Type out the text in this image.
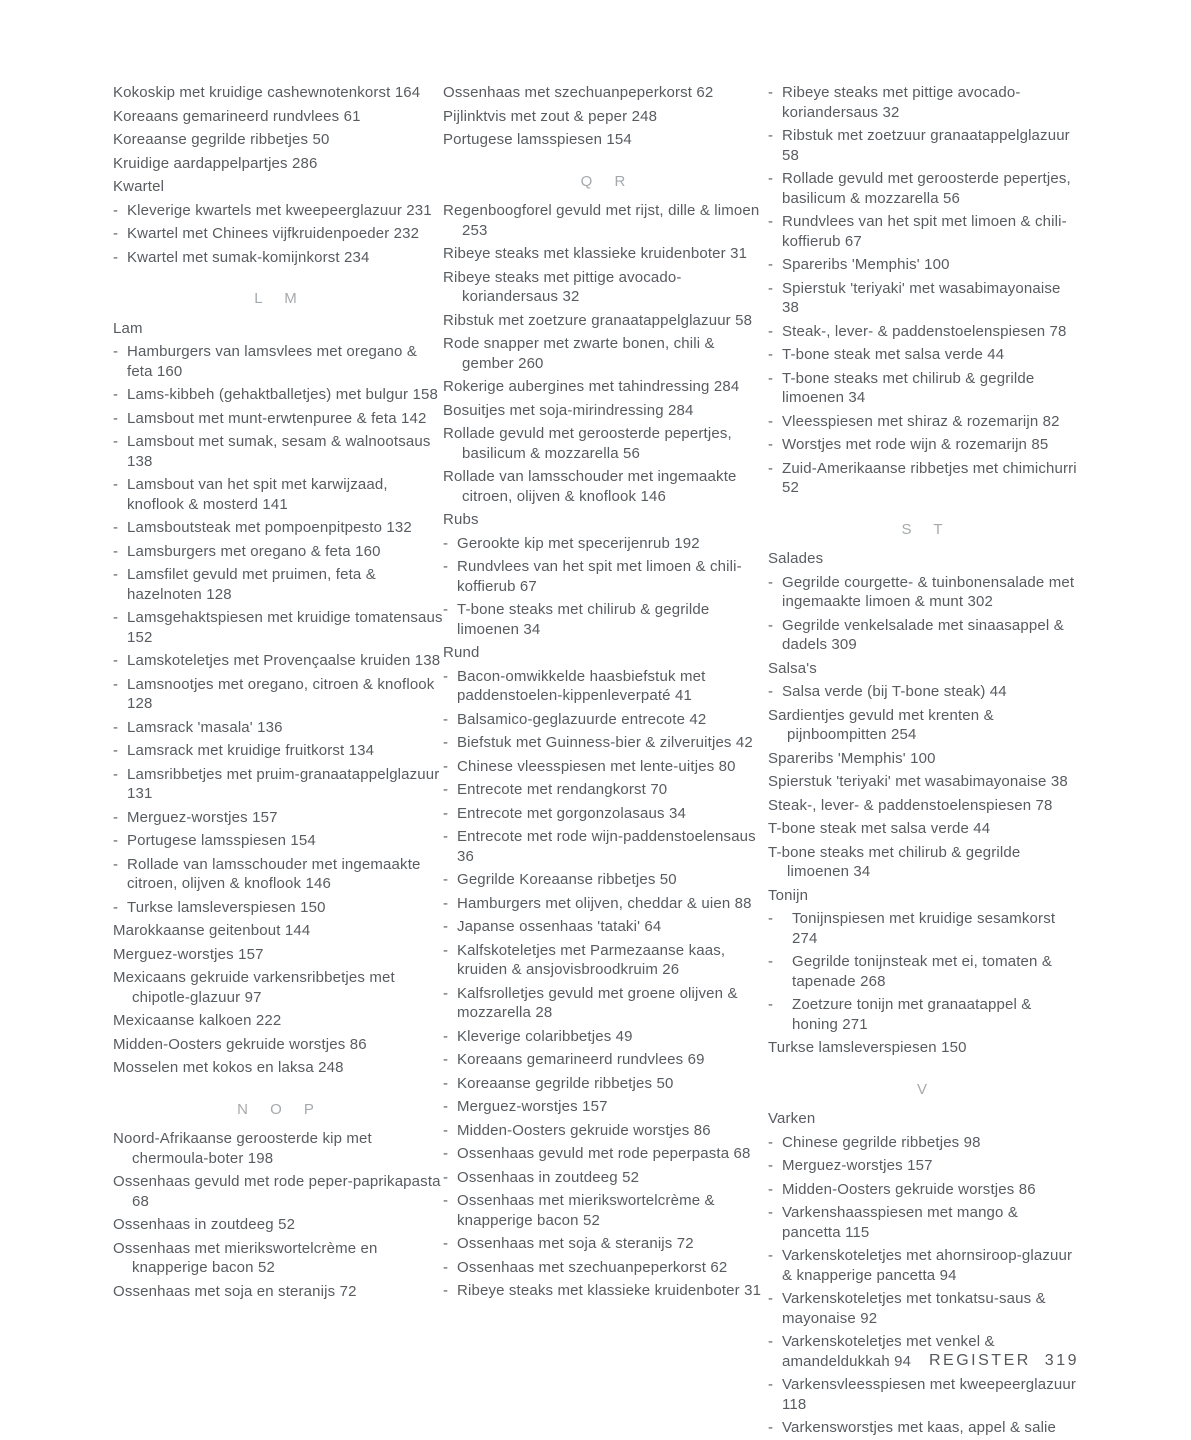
Kokoskip met kruidige cashewnotenkorst 164
Koreaans gemarineerd rundvlees 61
Koreaanse gegrilde ribbetjes 50
Kruidige aardappelpartjes 286
Kwartel
- Kleverige kwartels met kweepeerglazuur 231
- Kwartel met Chinees vijfkruidenpoeder 232
- Kwartel met sumak-komijnkorst 234
L M
Lam
- Hamburgers van lamsvlees met oregano & feta 160
- Lams-kibbeh (gehaktballetjes) met bulgur 158
- Lamsbout met munt-erwtenpuree & feta 142
- Lamsbout met sumak, sesam & walnootsaus 138
- Lamsbout van het spit met karwijzaad, knoflook & mosterd 141
- Lamsboutsteak met pompoenpitpesto 132
- Lamsburgers met oregano & feta 160
- Lamsfilet gevuld met pruimen, feta & hazelnoten 128
- Lamsgehaktspiesen met kruidige tomatensaus 152
- Lamskoteletjes met Provençaalse kruiden 138
- Lamsnootjes met oregano, citroen & knoflook 128
- Lamsrack 'masala' 136
- Lamsrack met kruidige fruitkorst 134
- Lamsribbetjes met pruim-granaatappelglazuur 131
- Merguez-worstjes 157
- Portugese lamsspiesen 154
- Rollade van lamsschouder met ingemaakte citroen, olijven & knoflook 146
- Turkse lamsleverspiesen 150
Marokkaanse geitenbout 144
Merguez-worstjes 157
Mexicaans gekruide varkensribbetjes met chipotle-glazuur 97
Mexicaanse kalkoen 222
Midden-Oosters gekruide worstjes 86
Mosselen met kokos en laksa 248
N O P
Noord-Afrikaanse geroosterde kip met chermoula-boter 198
Ossenhaas gevuld met rode peper-paprikapasta 68
Ossenhaas in zoutdeeg 52
Ossenhaas met mierikswortelcrème en knapperige bacon 52
Ossenhaas met soja en steranijs 72
Ossenhaas met szechuanpeperkorst 62
Pijlinktvis met zout & peper 248
Portugese lamsspiesen 154
Q R
Regenboogforel gevuld met rijst, dille & limoen 253
Ribeye steaks met klassieke kruidenboter 31
Ribeye steaks met pittige avocado-koriandersaus 32
Ribstuk met zoetzure granaatappelglazuur 58
Rode snapper met zwarte bonen, chili & gember 260
Rokerige aubergines met tahindressing 284
Bosuitjes met soja-mirindressing 284
Rollade gevuld met geroosterde pepertjes, basilicum & mozzarella 56
Rollade van lamsschouder met ingemaakte citroen, olijven & knoflook 146
Rubs
- Gerookte kip met specerijenrub 192
- Rundvlees van het spit met limoen & chili-koffierub 67
- T-bone steaks met chilirub & gegrilde limoenen 34
Rund
- Bacon-omwikkelde haasbiefstuk met paddenstoelen-kippenleverpaté 41
- Balsamico-geglazuurde entrecote 42
- Biefstuk met Guinness-bier & zilveruitjes 42
- Chinese vleesspiesen met lente-uitjes 80
- Entrecote met rendangkorst 70
- Entrecote met gorgonzolasaus 34
- Entrecote met rode wijn-paddenstoelensaus 36
- Gegrilde Koreaanse ribbetjes 50
- Hamburgers met olijven, cheddar & uien 88
- Japanse ossenhaas 'tataki' 64
- Kalfskoteletjes met Parmezaanse kaas, kruiden & ansjovisbroodkruim 26
- Kalfsrolletjes gevuld met groene olijven & mozzarella 28
- Kleverige colaribbetjes 49
- Koreaans gemarineerd rundvlees 69
- Koreaanse gegrilde ribbetjes 50
- Merguez-worstjes 157
- Midden-Oosters gekruide worstjes 86
- Ossenhaas gevuld met rode peperpasta 68
- Ossenhaas in zoutdeeg 52
- Ossenhaas met mierikswortelcrème & knapperige bacon 52
- Ossenhaas met soja & steranijs 72
- Ossenhaas met szechuanpeperkorst 62
- Ribeye steaks met klassieke kruidenboter 31
- Ribeye steaks met pittige avocado-koriandersaus 32
- Ribstuk met zoetzuur granaatappelglazuur 58
- Rollade gevuld met geroosterde pepertjes, basilicum & mozzarella 56
- Rundvlees van het spit met limoen & chili-koffierub 67
- Spareribs 'Memphis' 100
- Spierstuk 'teriyaki' met wasabimayonaise 38
- Steak-, lever- & paddenstoelenspiesen 78
- T-bone steak met salsa verde 44
- T-bone steaks met chilirub & gegrilde limoenen 34
- Vleesspiesen met shiraz & rozemarijn 82
- Worstjes met rode wijn & rozemarijn 85
- Zuid-Amerikaanse ribbetjes met chimichurri 52
S T
Salades
- Gegrilde courgette- & tuinbonensalade met ingemaakte limoen & munt 302
- Gegrilde venkelsalade met sinaasappel & dadels 309
Salsa's
- Salsa verde (bij T-bone steak) 44
Sardientjes gevuld met krenten & pijnboompitten 254
Spareribs 'Memphis' 100
Spierstuk 'teriyaki' met wasabimayonaise 38
Steak-, lever- & paddenstoelenspiesen 78
T-bone steak met salsa verde 44
T-bone steaks met chilirub & gegrilde limoenen 34
Tonijn
-	Tonijnspiesen met kruidige sesamkorst 274
-	Gegrilde tonijnsteak met ei, tomaten & tapenade 268
-	Zoetzure tonijn met granaatappel & honing 271
Turkse lamsleverspiesen 150
V
Varken
- Chinese gegrilde ribbetjes 98
- Merguez-worstjes 157
- Midden-Oosters gekruide worstjes 86
- Varkenshaasspiesen met mango & pancetta 115
- Varkenskoteletjes met ahornsiroop-glazuur & knapperige pancetta 94
- Varkenskoteletjes met tonkatsu-saus & mayonaise 92
- Varkenskoteletjes met venkel & amandeldukkah 94
- Varkensvleesspiesen met kweepeerglazuur 118
- Varkensworstjes met kaas, appel & salie
REGISTER 319
